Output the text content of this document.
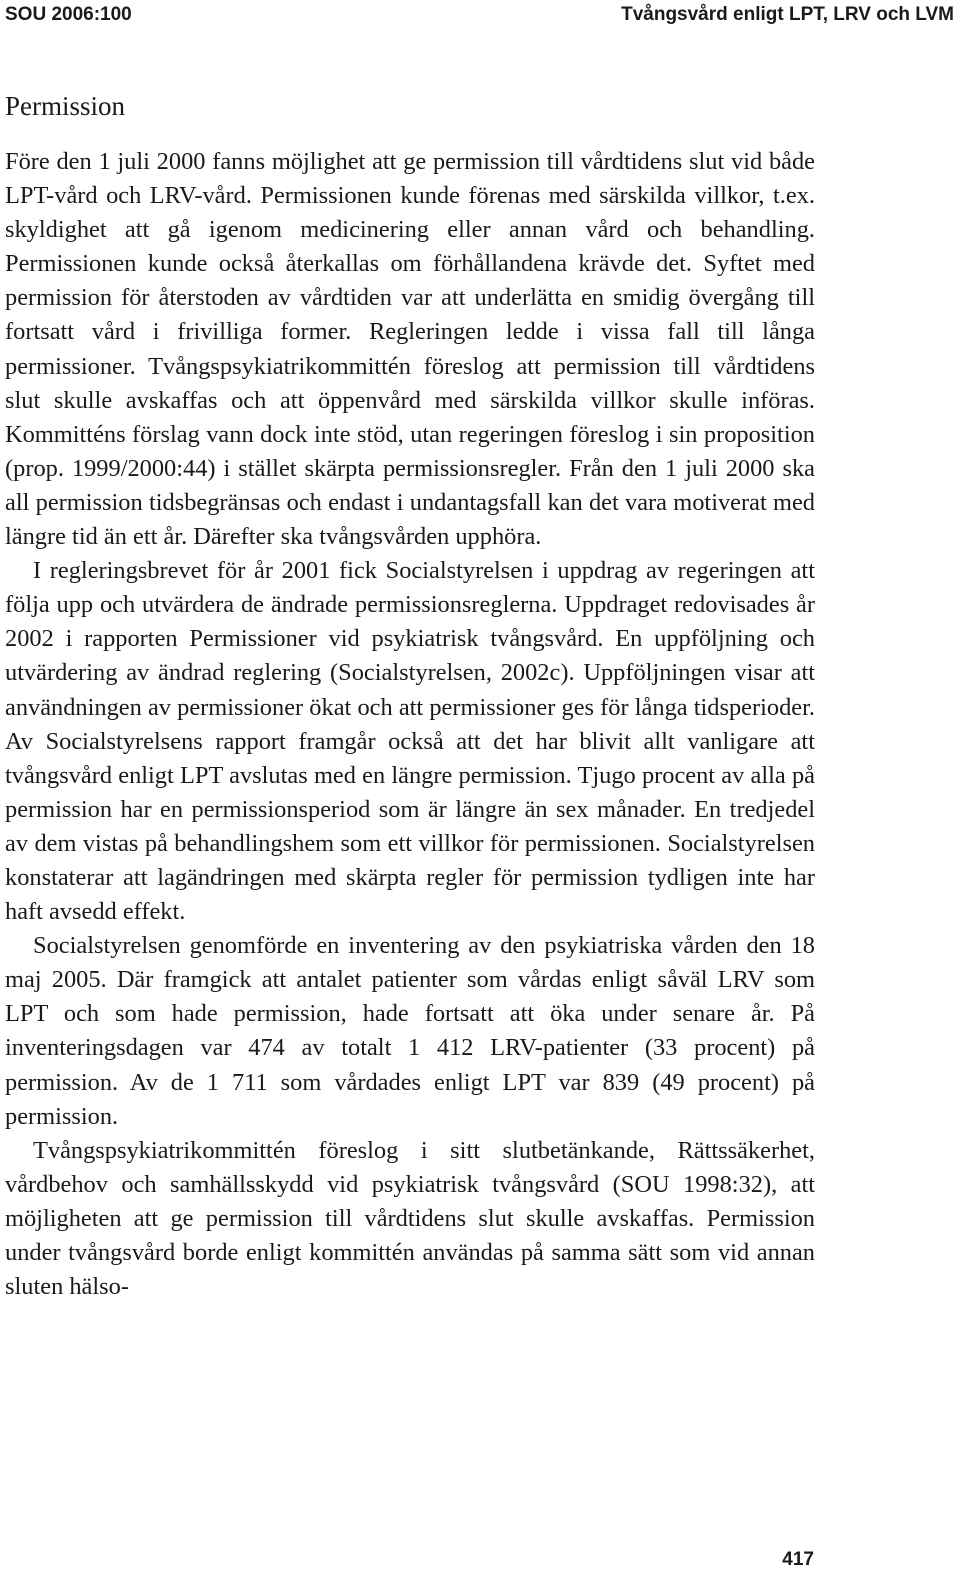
SOU 2006:100	Tvångsvård enligt LPT, LRV och LVM
Permission

Före den 1 juli 2000 fanns möjlighet att ge permission till vårdtidens slut vid både LPT-vård och LRV-vård. Permissionen kunde förenas med särskilda villkor, t.ex. skyldighet att gå igenom medicinering eller annan vård och behandling. Permissionen kunde också återkallas om förhållandena krävde det. Syftet med permission för återstoden av vårdtiden var att underlätta en smidig övergång till fortsatt vård i frivilliga former. Regleringen ledde i vissa fall till långa permissioner. Tvångspsykiatrikommittén föreslog att permission till vårdtidens slut skulle avskaffas och att öppenvård med särskilda villkor skulle införas. Kommitténs förslag vann dock inte stöd, utan regeringen föreslog i sin proposition (prop. 1999/2000:44) i stället skärpta permissionsregler. Från den 1 juli 2000 ska all permission tidsbegränsas och endast i undantagsfall kan det vara motiverat med längre tid än ett år. Därefter ska tvångsvården upphöra.

I regleringsbrevet för år 2001 fick Socialstyrelsen i uppdrag av regeringen att följa upp och utvärdera de ändrade permissionsreglerna. Uppdraget redovisades år 2002 i rapporten Permissioner vid psykiatrisk tvångsvård. En uppföljning och utvärdering av ändrad reglering (Socialstyrelsen, 2002c). Uppföljningen visar att användningen av permissioner ökat och att permissioner ges för långa tidsperioder. Av Socialstyrelsens rapport framgår också att det har blivit allt vanligare att tvångsvård enligt LPT avslutas med en längre permission. Tjugo procent av alla på permission har en permissionsperiod som är längre än sex månader. En tredjedel av dem vistas på behandlingshem som ett villkor för permissionen. Socialstyrelsen konstaterar att lagändringen med skärpta regler för permission tydligen inte har haft avsedd effekt.

Socialstyrelsen genomförde en inventering av den psykiatriska vården den 18 maj 2005. Där framgick att antalet patienter som vårdas enligt såväl LRV som LPT och som hade permission, hade fortsatt att öka under senare år. På inventeringsdagen var 474 av totalt 1 412 LRV-patienter (33 procent) på permission. Av de 1 711 som vårdades enligt LPT var 839 (49 procent) på permission.

Tvångspsykiatrikommittén föreslog i sitt slutbetänkande, Rättssäkerhet, vårdbehov och samhällsskydd vid psykiatrisk tvångsvård (SOU 1998:32), att möjligheten att ge permission till vårdtidens slut skulle avskaffas. Permission under tvångsvård borde enligt kommittén användas på samma sätt som vid annan sluten hälso-

417
